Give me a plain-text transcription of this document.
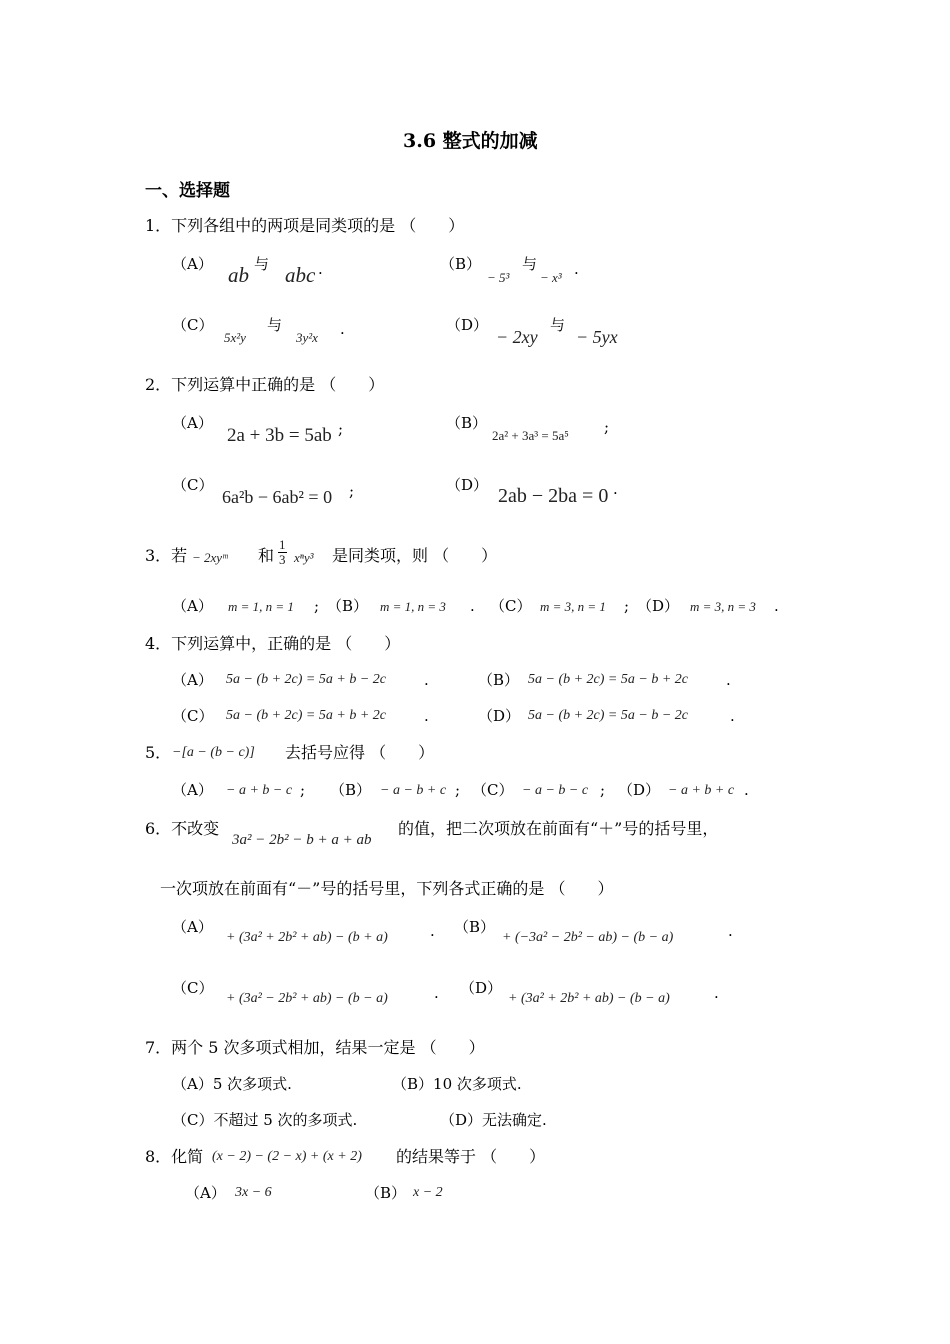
3.6 整式的加减
一、选择题
1．下列各组中的两项是同类项的是 （　　）
（A） ab 与 abc ·	（B）
− 5³
与
− x³ ·
（C）
5x²y
与
3y²x ·	（D）
− 2xy
与
− 5yx
2．下列运算中正确的是 （　　）
（A）
2a + 3b = 5ab ;	（B）
2a² + 3a³ = 5a⁵ ;
（C）
6a²b − 6ab² = 0 ;	（D） 2ab − 2ba = 0 ·
3．若 − 2xyᵐ 和 $\frac{1}{3} x^ny^3$ 是同类项，则 （　　）
（A） m = 1, n = 1 ; （B） m = 1, n = 3 . （C） m = 3, n = 1 ; （D） m = 3, n = 3 .
4．下列运算中，正确的是 （　　）
（A） 5a − (b + 2c) = 5a + b − 2c	.	（B） 5a − (b + 2c) = 5a − b + 2c	.
（C） 5a − (b + 2c) = 5a + b + 2c	.	（D） 5a − (b + 2c) = 5a − b − 2c	.
5． −[a − (b − c)] 去括号应得 （　　）
（A） − a + b − c ; （B） − a − b + c ; （C） − a − b − c ; （D） − a + b + c .
6．不改变
3a² − 2b² − b + a + ab
的值，把二次项放在前面有“＋”号的括号里，
一次项放在前面有“－”号的括号里，下列各式正确的是 （　　）
（A）
+ (3a² + 2b² + ab) − (b + a)	· （B）
+ (−3a² − 2b² − ab) − (b − a)	·
（C）
+ (3a² − 2b² + ab) − (b − a)	· （D）
+ (3a² + 2b² + ab) − (b − a)	·
7．两个 5 次多项式相加，结果一定是 （　　）
（A）5 次多项式.	（B）10 次多项式.
（C）不超过 5 次的多项式.	（D）无法确定.
8．化简 (x − 2) − (2 − x) + (x + 2) 的结果等于 （　　）
（A） 3x − 6	（B） x − 2
